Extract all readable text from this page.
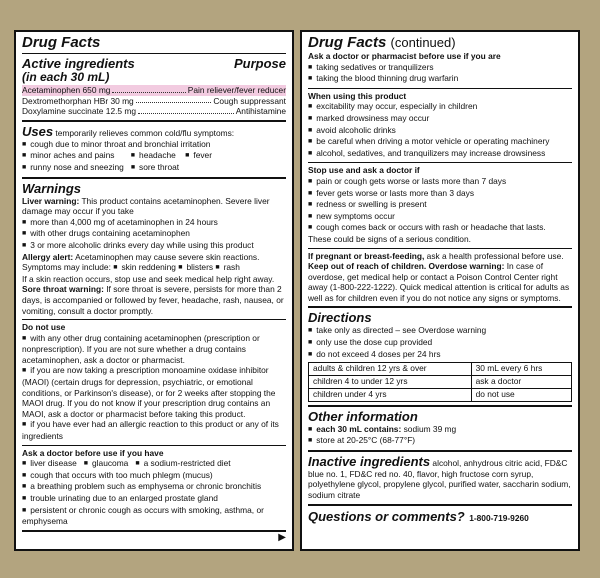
Drug Facts
Active ingredients	Purpose
(in each 30 mL)
Acetaminophen 650 mg	Pain reliever/fever reducer
Dextromethorphan HBr 30 mg	Cough suppressant
Doxylamine succinate 12.5 mg	Antihistamine
Uses temporarily relieves common cold/flu symptoms:
■ cough due to minor throat and bronchial irritation
■ minor aches and pains	■ headache ■ fever
■ runny nose and sneezing ■ sore throat
Warnings
Liver warning: This product contains acetaminophen. Severe liver damage may occur if you take
■ more than 4,000 mg of acetaminophen in 24 hours
■ with other drugs containing acetaminophen
■ 3 or more alcoholic drinks every day while using this product
Allergy alert: Acetaminophen may cause severe skin reactions. Symptoms may include: ■ skin reddening ■ blisters ■ rash
If a skin reaction occurs, stop use and seek medical help right away.
Sore throat warning: If sore throat is severe, persists for more than 2 days, is accompanied or followed by fever, headache, rash, nausea, or vomiting, consult a doctor promptly.
Do not use
■ with any other drug containing acetaminophen (prescription or nonprescription). If you are not sure whether a drug contains acetaminophen, ask a doctor or pharmacist.
■ if you are now taking a prescription monoamine oxidase inhibitor (MAOI) (certain drugs for depression, psychiatric, or emotional conditions, or Parkinson's disease), or for 2 weeks after stopping the MAOI drug. If you do not know if your prescription drug contains an MAOI, ask a doctor or pharmacist before taking this product.
■ if you have ever had an allergic reaction to this product or any of its ingredients
Ask a doctor before use if you have
■ liver disease ■ glaucoma ■ a sodium-restricted diet
■ cough that occurs with too much phlegm (mucus)
■ a breathing problem such as emphysema or chronic bronchitis
■ trouble urinating due to an enlarged prostate gland
■ persistent or chronic cough as occurs with smoking, asthma, or emphysema
▶
Drug Facts (continued)
Ask a doctor or pharmacist before use if you are
■ taking sedatives or tranquilizers
■ taking the blood thinning drug warfarin
When using this product
■ excitability may occur, especially in children
■ marked drowsiness may occur
■ avoid alcoholic drinks
■ be careful when driving a motor vehicle or operating machinery
■ alcohol, sedatives, and tranquilizers may increase drowsiness
Stop use and ask a doctor if
■ pain or cough gets worse or lasts more than 7 days
■ fever gets worse or lasts more than 3 days
■ redness or swelling is present
■ new symptoms occur
■ cough comes back or occurs with rash or headache that lasts.
These could be signs of a serious condition.
If pregnant or breast-feeding, ask a health professional before use.
Keep out of reach of children. Overdose warning: In case of overdose, get medical help or contact a Poison Control Center right away (1-800-222-1222). Quick medical attention is critical for adults as well as for children even if you do not notice any signs or symptoms.
Directions
■ take only as directed – see Overdose warning
■ only use the dose cup provided
■ do not exceed 4 doses per 24 hrs
adults & children 12 yrs & over	30 mL every 6 hrs
children 4 to under 12 yrs	ask a doctor
children under 4 yrs	do not use
Other information
■ each 30 mL contains: sodium 39 mg
■ store at 20-25°C (68-77°F)
Inactive ingredients alcohol, anhydrous citric acid, FD&C blue no. 1, FD&C red no. 40, flavor, high fructose corn syrup, polyethylene glycol, propylene glycol, purified water, saccharin sodium, sodium citrate
Questions or comments? 1-800-719-9260
